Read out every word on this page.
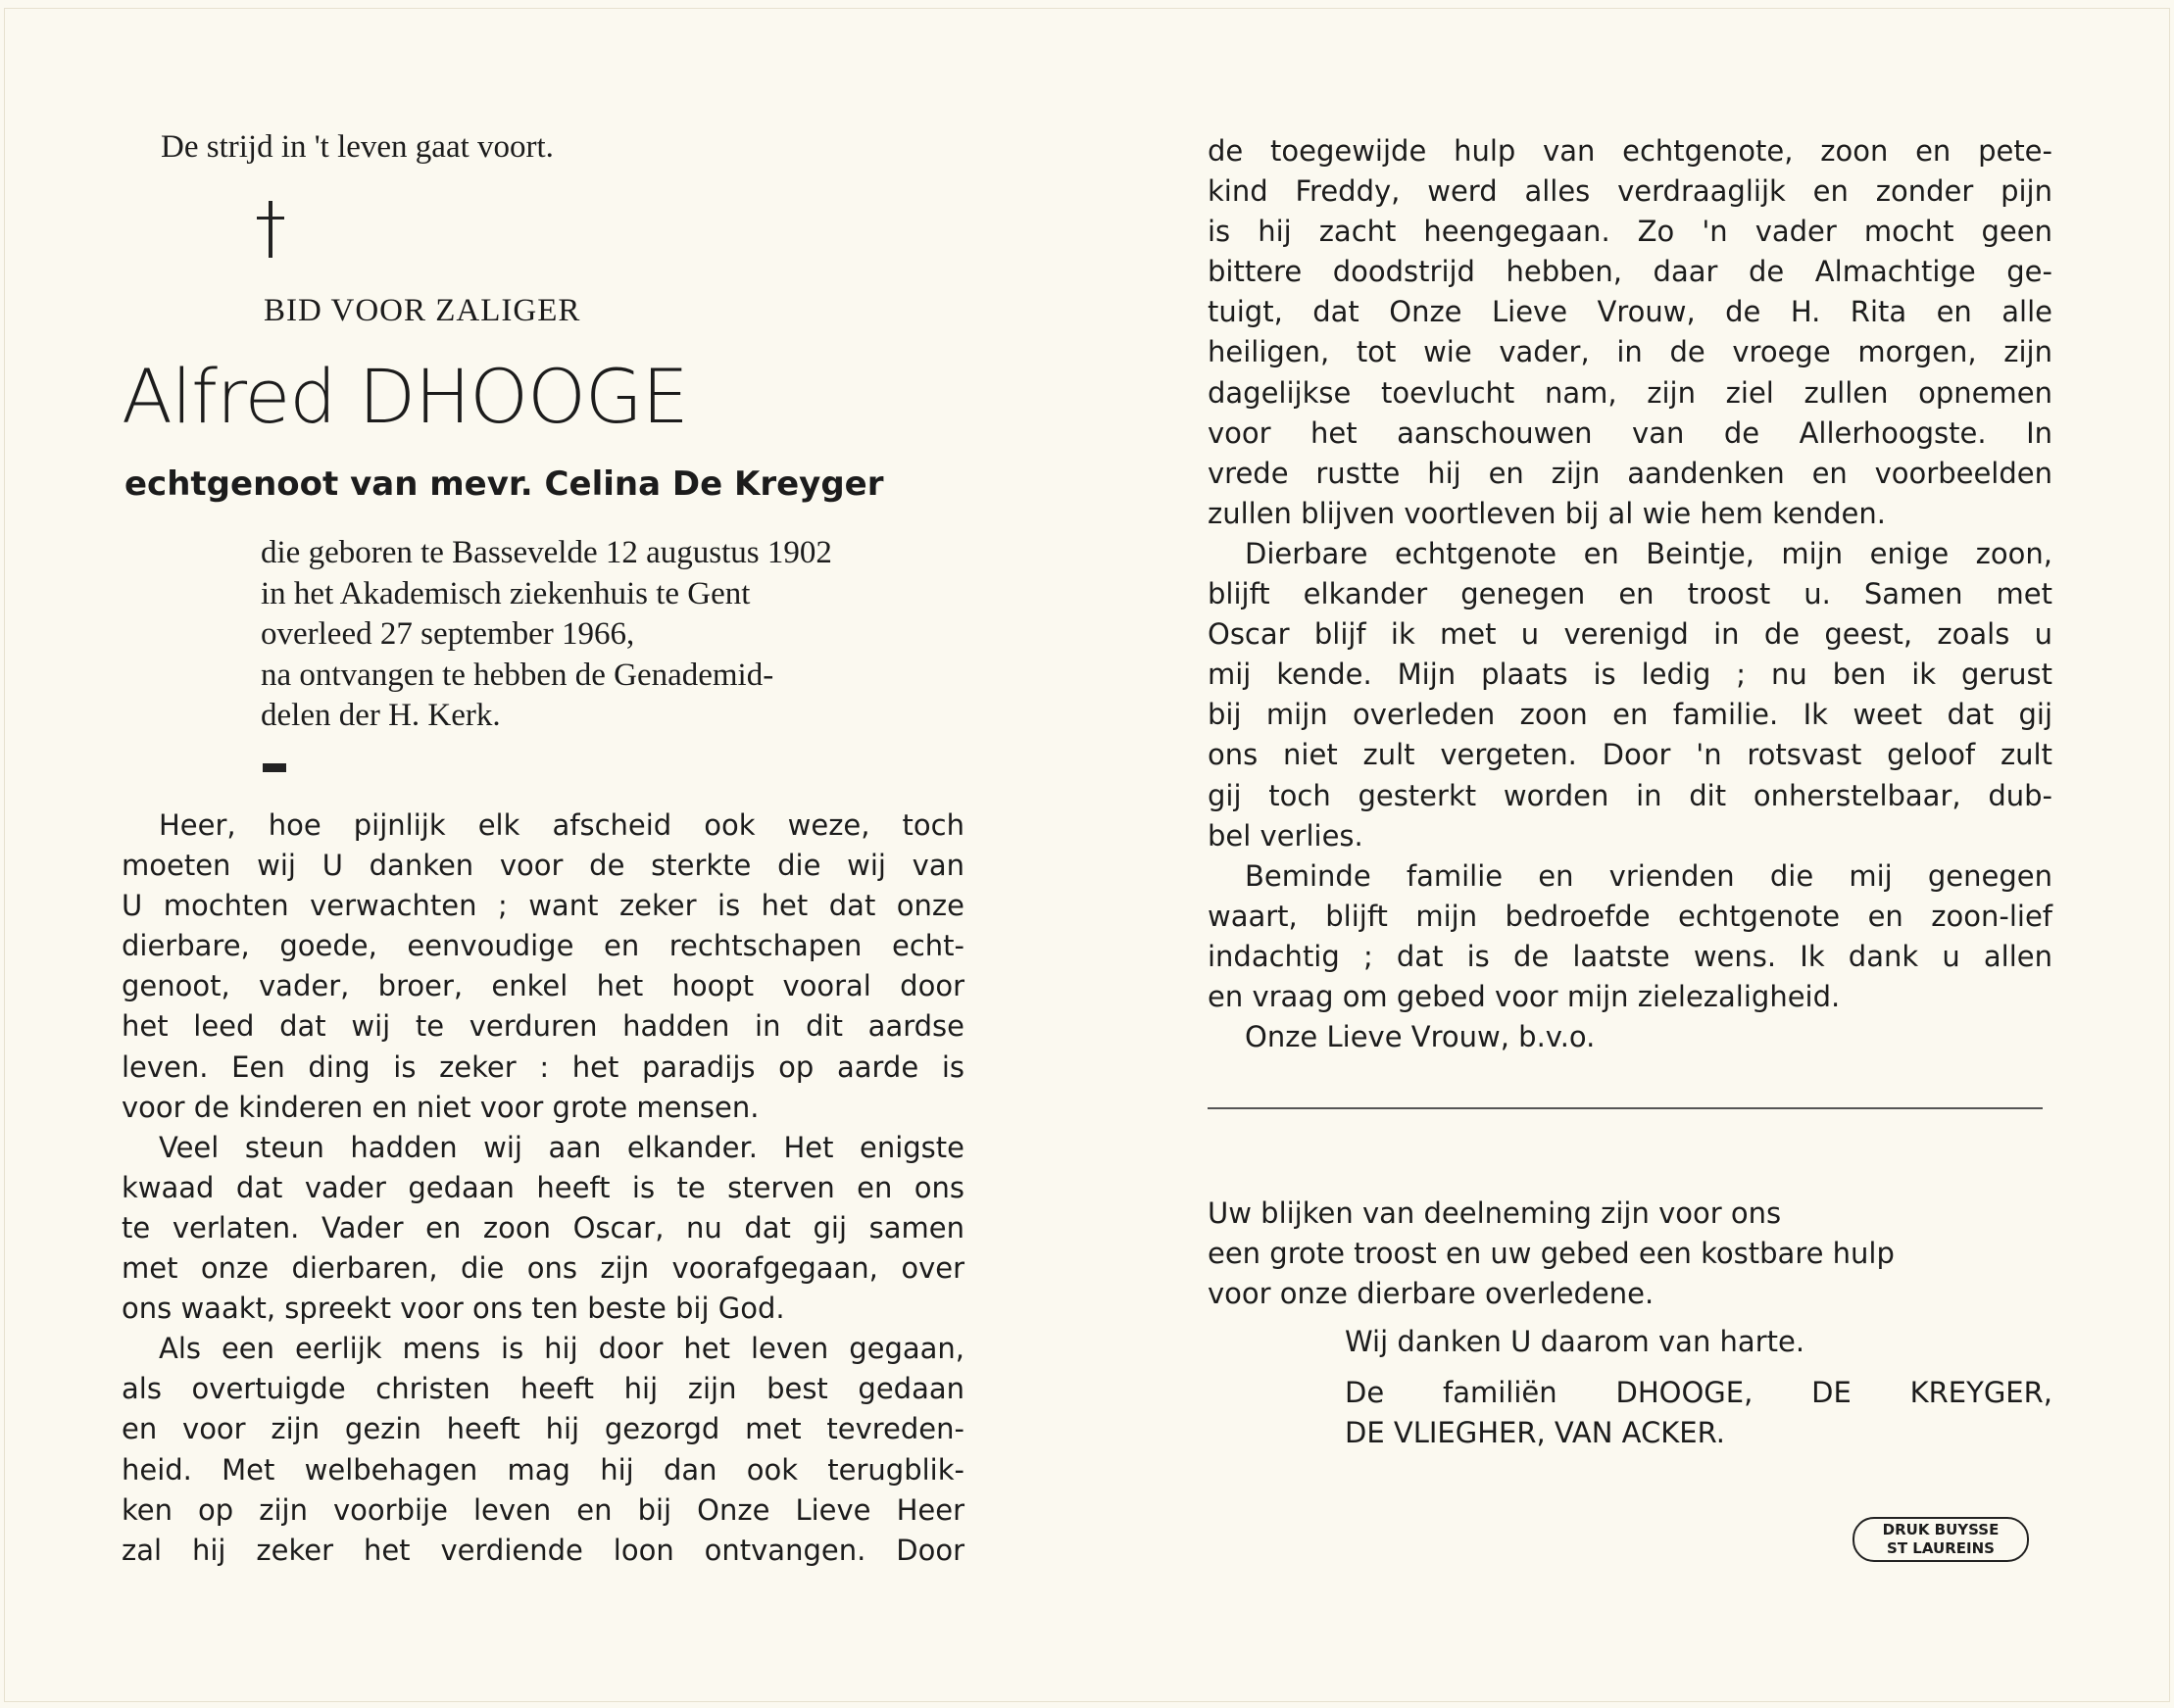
De strijd in 't leven gaat voort.
BID VOOR ZALIGER
Alfred DHOOGE
echtgenoot van mevr. Celina De Kreyger
die geboren te Bassevelde 12 augustus 1902
in het Akademisch ziekenhuis te Gent
overleed 27 september 1966,
na ontvangen te hebben de Genademid-
delen der H. Kerk.
Heer, hoe pijnlijk elk afscheid ook weze, toch
moeten wij U danken voor de sterkte die wij van
U mochten verwachten ; want zeker is het dat onze
dierbare, goede, eenvoudige en rechtschapen echt-
genoot, vader, broer, enkel het hoopt vooral door
het leed dat wij te verduren hadden in dit aardse
leven. Een ding is zeker : het paradijs op aarde is
voor de kinderen en niet voor grote mensen.
Veel steun hadden wij aan elkander. Het enigste
kwaad dat vader gedaan heeft is te sterven en ons
te verlaten. Vader en zoon Oscar, nu dat gij samen
met onze dierbaren, die ons zijn voorafgegaan, over
ons waakt, spreekt voor ons ten beste bij God.
Als een eerlijk mens is hij door het leven gegaan,
als overtuigde christen heeft hij zijn best gedaan
en voor zijn gezin heeft hij gezorgd met tevreden-
heid. Met welbehagen mag hij dan ook terugblik-
ken op zijn voorbije leven en bij Onze Lieve Heer
zal hij zeker het verdiende loon ontvangen. Door
de toegewijde hulp van echtgenote, zoon en pete-
kind Freddy, werd alles verdraaglijk en zonder pijn
is hij zacht heengegaan. Zo 'n vader mocht geen
bittere doodstrijd hebben, daar de Almachtige ge-
tuigt, dat Onze Lieve Vrouw, de H. Rita en alle
heiligen, tot wie vader, in de vroege morgen, zijn
dagelijkse toevlucht nam, zijn ziel zullen opnemen
voor het aanschouwen van de Allerhoogste. In
vrede rustte hij en zijn aandenken en voorbeelden
zullen blijven voortleven bij al wie hem kenden.
Dierbare echtgenote en Beintje, mijn enige zoon,
blijft elkander genegen en troost u. Samen met
Oscar blijf ik met u verenigd in de geest, zoals u
mij kende. Mijn plaats is ledig ; nu ben ik gerust
bij mijn overleden zoon en familie. Ik weet dat gij
ons niet zult vergeten. Door 'n rotsvast geloof zult
gij toch gesterkt worden in dit onherstelbaar, dub-
bel verlies.
Beminde familie en vrienden die mij genegen
waart, blijft mijn bedroefde echtgenote en zoon-lief
indachtig ; dat is de laatste wens. Ik dank u allen
en vraag om gebed voor mijn zielezaligheid.
Onze Lieve Vrouw, b.v.o.
Uw blijken van deelneming zijn voor ons
een grote troost en uw gebed een kostbare hulp
voor onze dierbare overledene.
Wij danken U daarom van harte.
De familiën DHOOGE, DE KREYGER,
DE VLIEGHER, VAN ACKER.
DRUK BUYSSE
ST LAUREINS
